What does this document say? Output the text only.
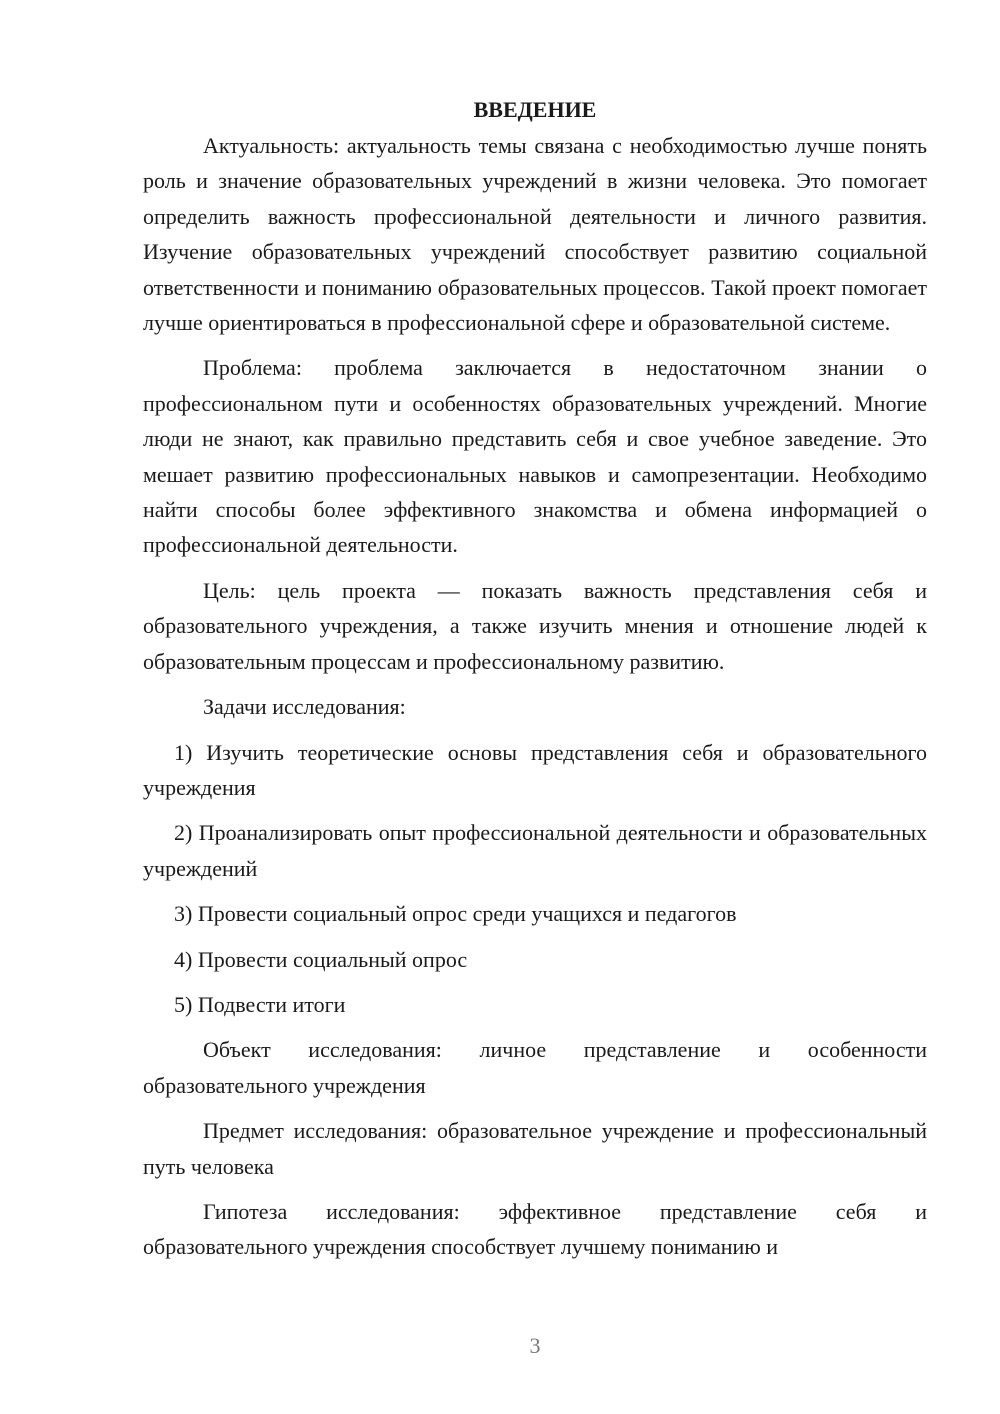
ВВЕДЕНИЕ

Актуальность: актуальность темы связана с необходимостью лучше понять роль и значение образовательных учреждений в жизни человека. Это помогает определить важность профессиональной деятельности и личного развития. Изучение образовательных учреждений способствует развитию социальной ответственности и пониманию образовательных процессов. Такой проект помогает лучше ориентироваться в профессиональной сфере и образовательной системе.

Проблема: проблема заключается в недостаточном знании о профессиональном пути и особенностях образовательных учреждений. Многие люди не знают, как правильно представить себя и свое учебное заведение. Это мешает развитию профессиональных навыков и самопрезентации. Необходимо найти способы более эффективного знакомства и обмена информацией о профессиональной деятельности.

Цель: цель проекта — показать важность представления себя и образовательного учреждения, а также изучить мнения и отношение людей к образовательным процессам и профессиональному развитию.

Задачи исследования:

1) Изучить теоретические основы представления себя и образовательного учреждения

2) Проанализировать опыт профессиональной деятельности и образовательных учреждений

3) Провести социальный опрос среди учащихся и педагогов

4) Провести социальный опрос

5) Подвести итоги

Объект исследования: личное представление и особенности образовательного учреждения

Предмет исследования: образовательное учреждение и профессиональный путь человека

Гипотеза исследования: эффективное представление себя и образовательного учреждения способствует лучшему пониманию и

3
